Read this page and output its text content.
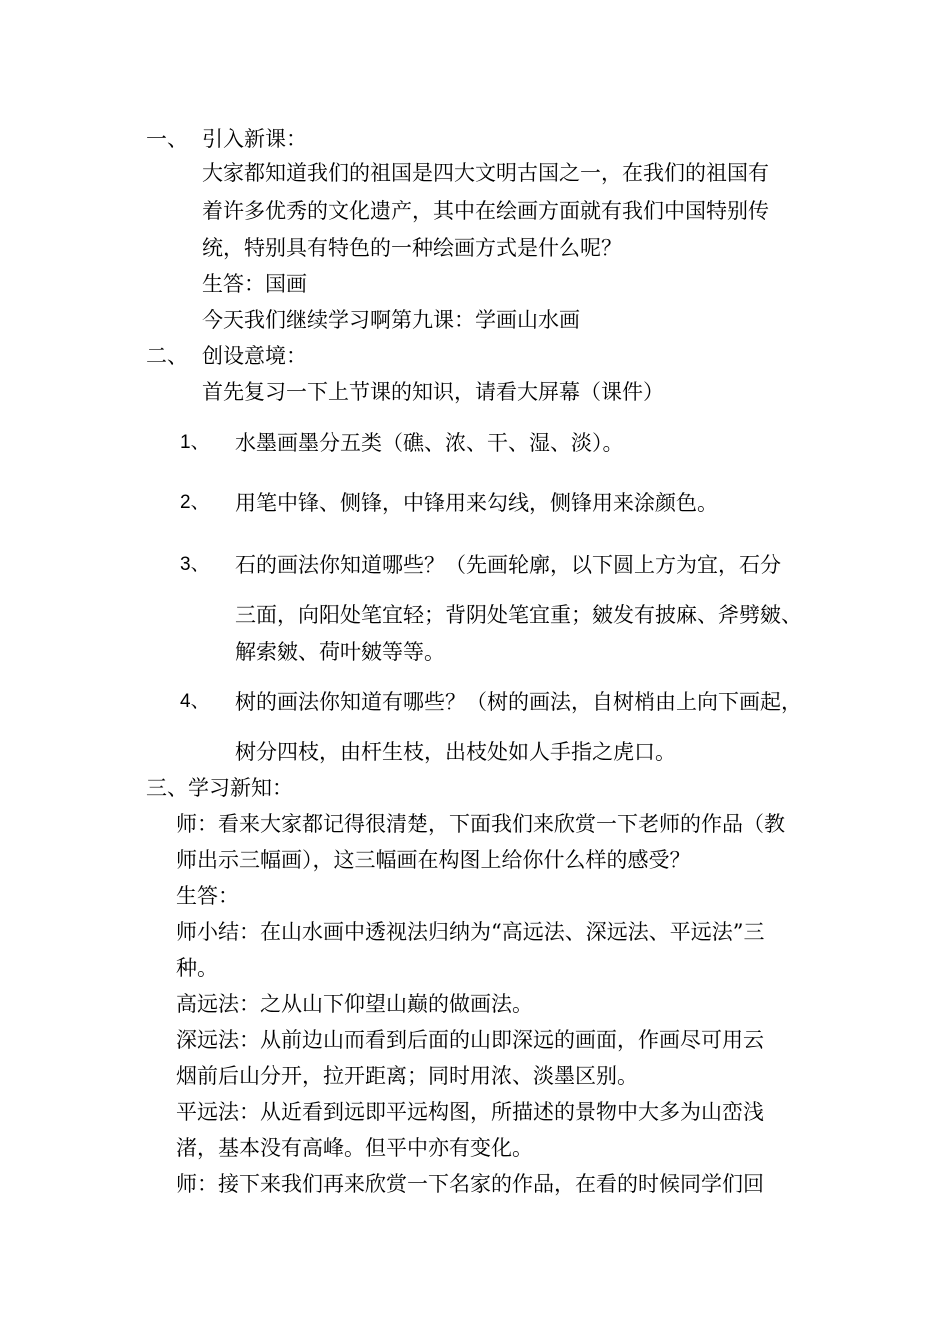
一、 引入新课：

大家都知道我们的祖国是四大文明古国之一，在我们的祖国有

着许多优秀的文化遗产，其中在绘画方面就有我们中国特别传

统，特别具有特色的一种绘画方式是什么呢？

生答：国画

今天我们继续学习啊第九课：学画山水画

二、 创设意境：

首先复习一下上节课的知识，请看大屏幕（课件）

1、 水墨画墨分五类（礁、浓、干、湿、淡）。

2、 用笔中锋、侧锋，中锋用来勾线，侧锋用来涂颜色。

3、 石的画法你知道哪些？（先画轮廓，以下圆上方为宜，石分

三面，向阳处笔宜轻；背阴处笔宜重；皴发有披麻、斧劈皴、

解索皴、荷叶皴等等。

4、 树的画法你知道有哪些？（树的画法，自树梢由上向下画起，

树分四枝，由杆生枝，出枝处如人手指之虎口。

三、学习新知：

师：看来大家都记得很清楚，下面我们来欣赏一下老师的作品（教

师出示三幅画），这三幅画在构图上给你什么样的感受？

生答：

师小结：在山水画中透视法归纳为“高远法、深远法、平远法”三

种。

高远法：之从山下仰望山巅的做画法。

深远法：从前边山而看到后面的山即深远的画面，作画尽可用云

烟前后山分开，拉开距离；同时用浓、淡墨区别。

平远法：从近看到远即平远构图，所描述的景物中大多为山峦浅

渚，基本没有高峰。但平中亦有变化。

师：接下来我们再来欣赏一下名家的作品，在看的时候同学们回
